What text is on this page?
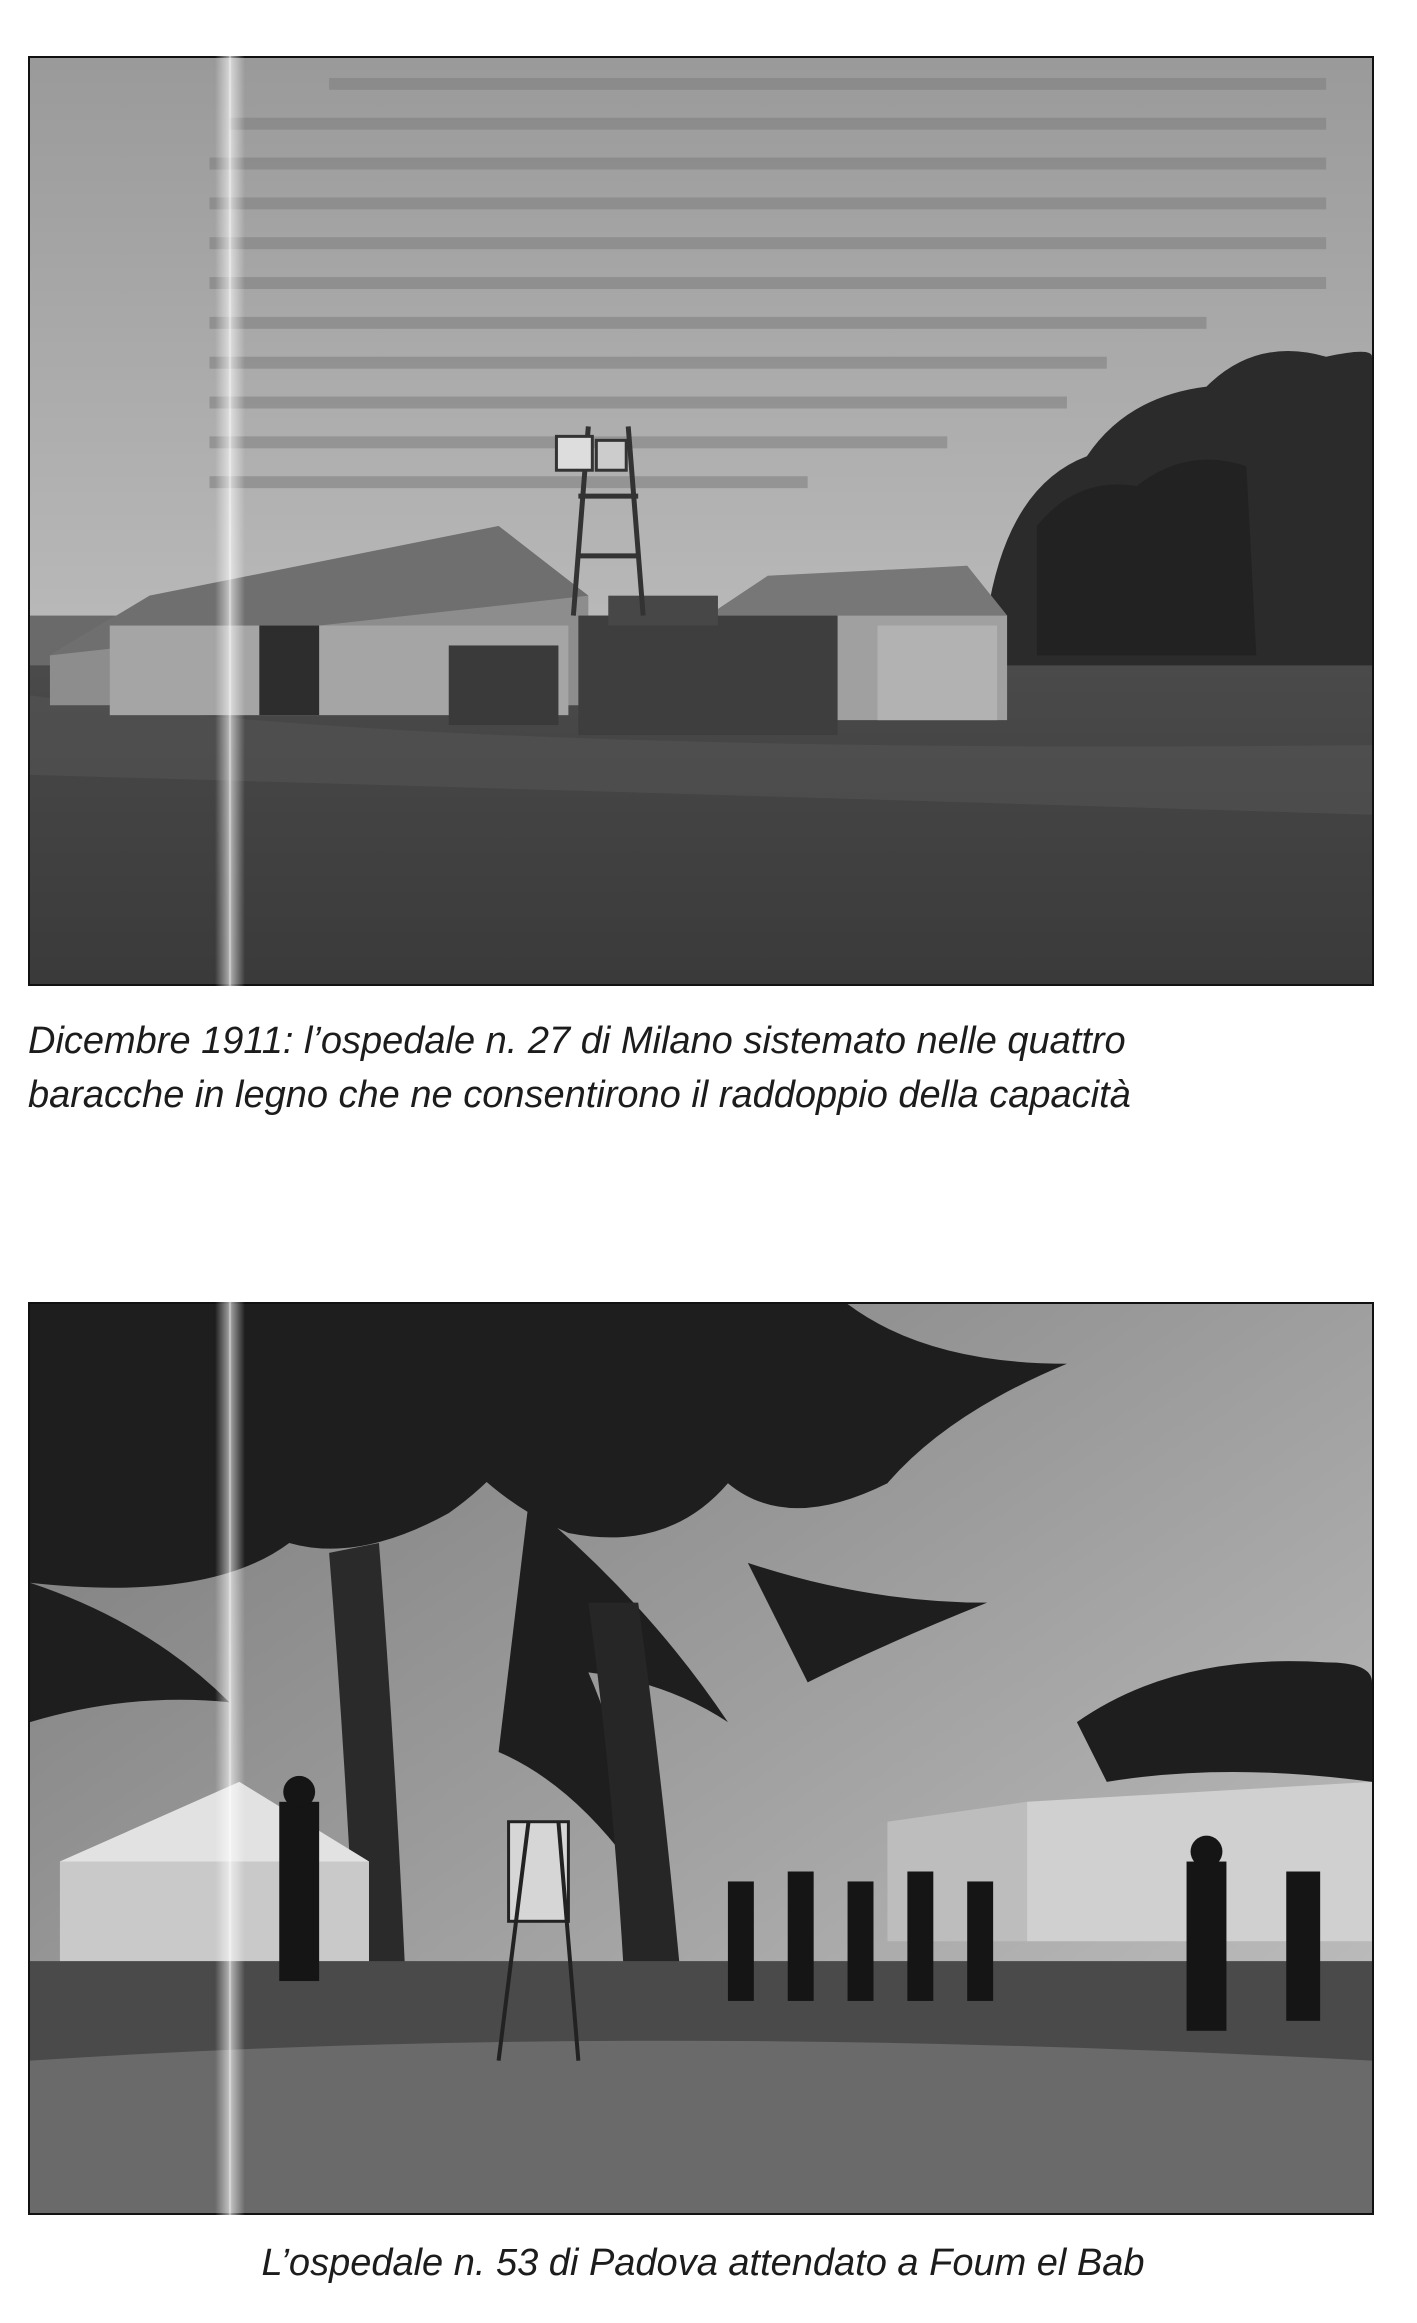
Dicembre 1911: l’ospedale n. 27 di Milano sistemato nelle quattro
baracche in legno che ne consentirono il raddoppio della capacità
L’ospedale n. 53 di Padova attendato a Foum el Bab
